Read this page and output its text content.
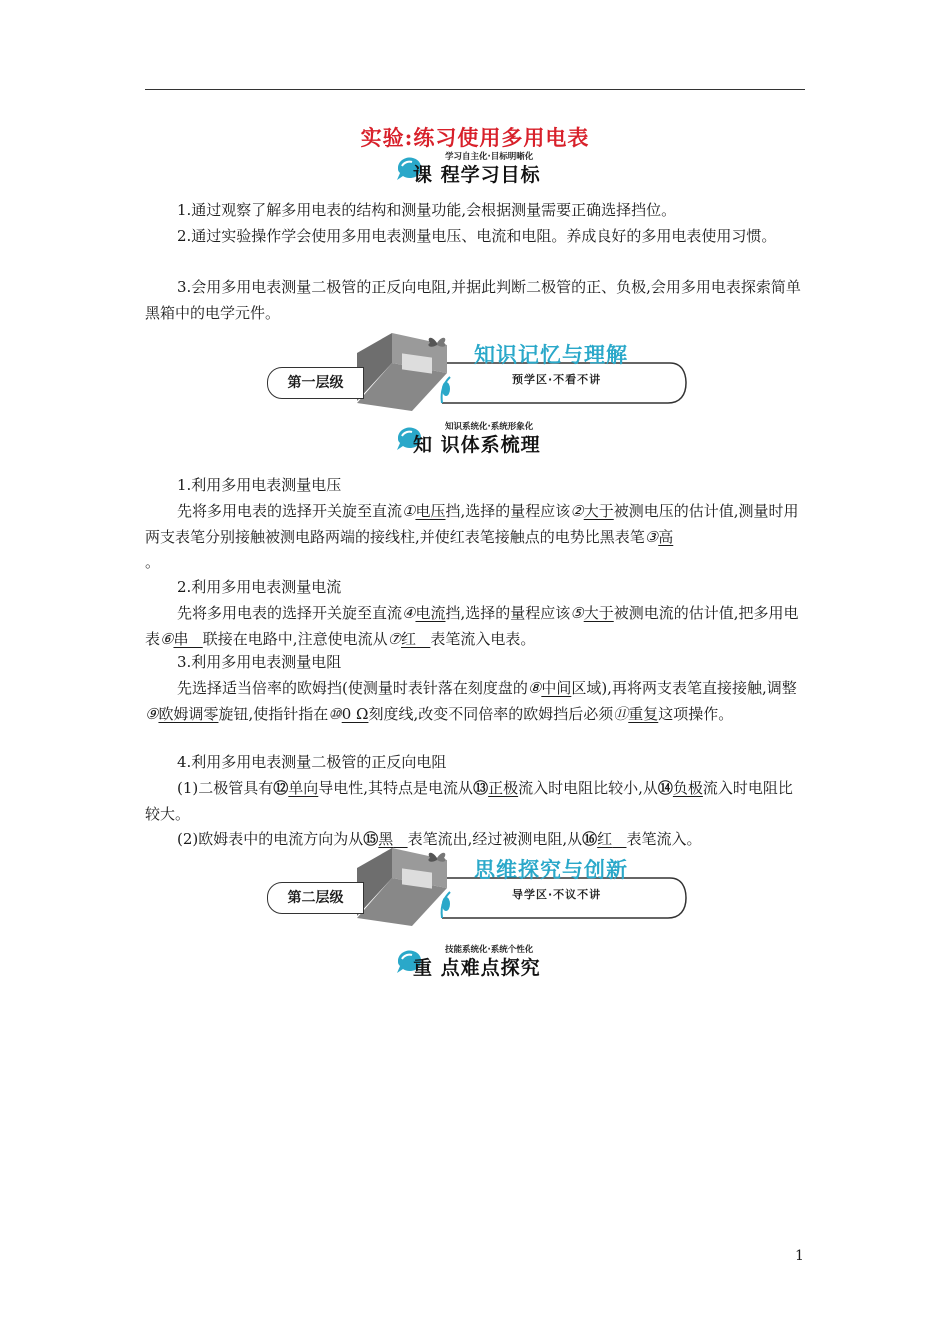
实验:练习使用多用电表
学习自主化·目标明晰化
课 程学习目标
1.通过观察了解多用电表的结构和测量功能,会根据测量需要正确选择挡位。
2.通过实验操作学会使用多用电表测量电压、电流和电阻。养成良好的多用电表使用习惯。
3.会用多用电表测量二极管的正反向电阻,并据此判断二极管的正、负极,会用多用电表探索简单黑箱中的电学元件。
第一层级
知识记忆与理解
预学区·不看不讲
知识系统化·系统形象化
知 识体系梳理
1.利用多用电表测量电压
先将多用电表的选择开关旋至直流①电压挡,选择的量程应该②大于被测电压的估计值,测量时用两支表笔分别接触被测电路两端的接线柱,并使红表笔接触点的电势比黑表笔③高
。
2.利用多用电表测量电流
先将多用电表的选择开关旋至直流④电流挡,选择的量程应该⑤大于被测电流的估计值,把多用电表⑥串 联接在电路中,注意使电流从⑦红 表笔流入电表。
3.利用多用电表测量电阻
先选择适当倍率的欧姆挡(使测量时表针落在刻度盘的⑧中间区域),再将两支表笔直接接触,调整⑨欧姆调零旋钮,使指针指在⑩0 Ω刻度线,改变不同倍率的欧姆挡后必须⑪重复这项操作。
4.利用多用电表测量二极管的正反向电阻
(1)二极管具有⑫单向导电性,其特点是电流从⑬正极流入时电阻比较小,从⑭负极流入时电阻比较大。
(2)欧姆表中的电流方向为从⑮黑 表笔流出,经过被测电阻,从⑯红 表笔流入。
第二层级
思维探究与创新
导学区·不议不讲
技能系统化·系统个性化
重 点难点探究
1
